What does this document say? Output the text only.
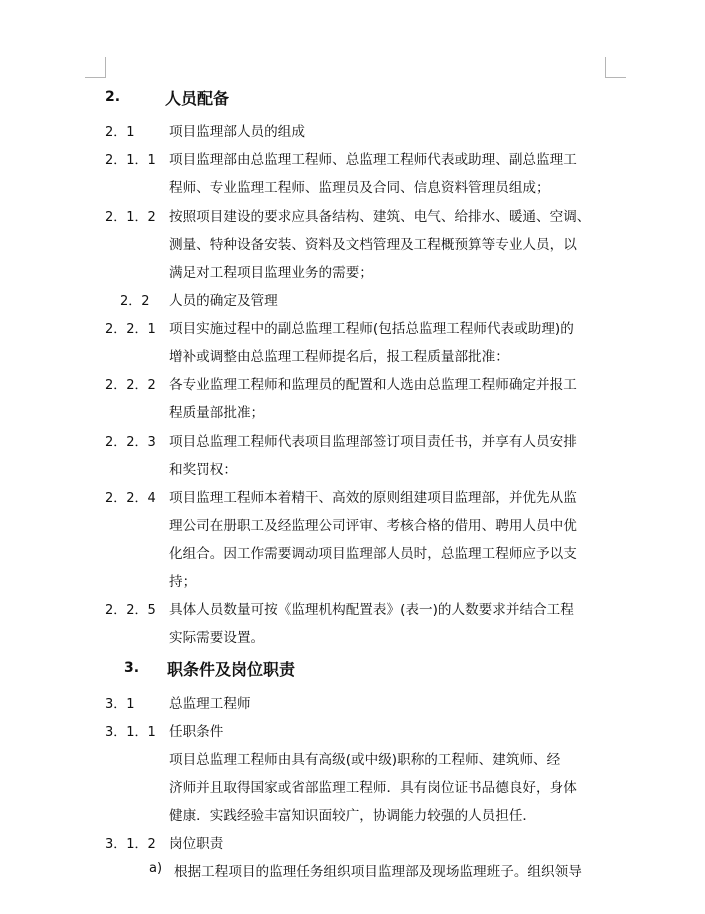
2.	人员配备
2．1	项目监理部人员的组成
2．1．1 项目监理部由总监理工程师、总监理工程师代表或助理、副总监理工
程师、专业监理工程师、监理员及合同、信息资料管理员组成；
2．1．2 按照项目建设的要求应具备结构、建筑、电气、给排水、暖通、空调、
测量、特种设备安装、资料及文档管理及工程概预算等专业人员，以
满足对工程项目监理业务的需要；
2．2 人员的确定及管理
2．2．1 项目实施过程中的副总监理工程师(包括总监理工程师代表或助理)的
增补或调整由总监理工程师提名后，报工程质量部批准：
2．2．2 各专业监理工程师和监理员的配置和人选由总监理工程师确定并报工
程质量部批准；
2．2．3 项目总监理工程师代表项目监理部签订项目责任书，并享有人员安排
和奖罚权：
2．2．4 项目监理工程师本着精干、高效的原则组建项目监理部，并优先从监
理公司在册职工及经监理公司评审、考核合格的借用、聘用人员中优
化组合。因工作需要调动项目监理部人员时，总监理工程师应予以支
持；
2．2．5 具体人员数量可按《监理机构配置表》(表一)的人数要求并结合工程
实际需要设置。
3. 职条件及岗位职责
3．1	总监理工程师
3．1．1 任职条件
项目总监理工程师由具有高级(或中级)职称的工程师、建筑师、经
济师并且取得国家或省部监理工程师．具有岗位证书品德良好，身体
健康．实践经验丰富知识面较广，协调能力较强的人员担任．
3．1．2 岗位职责
a) 根据工程项目的监理任务组织项目监理部及现场监理班子。组织领导
